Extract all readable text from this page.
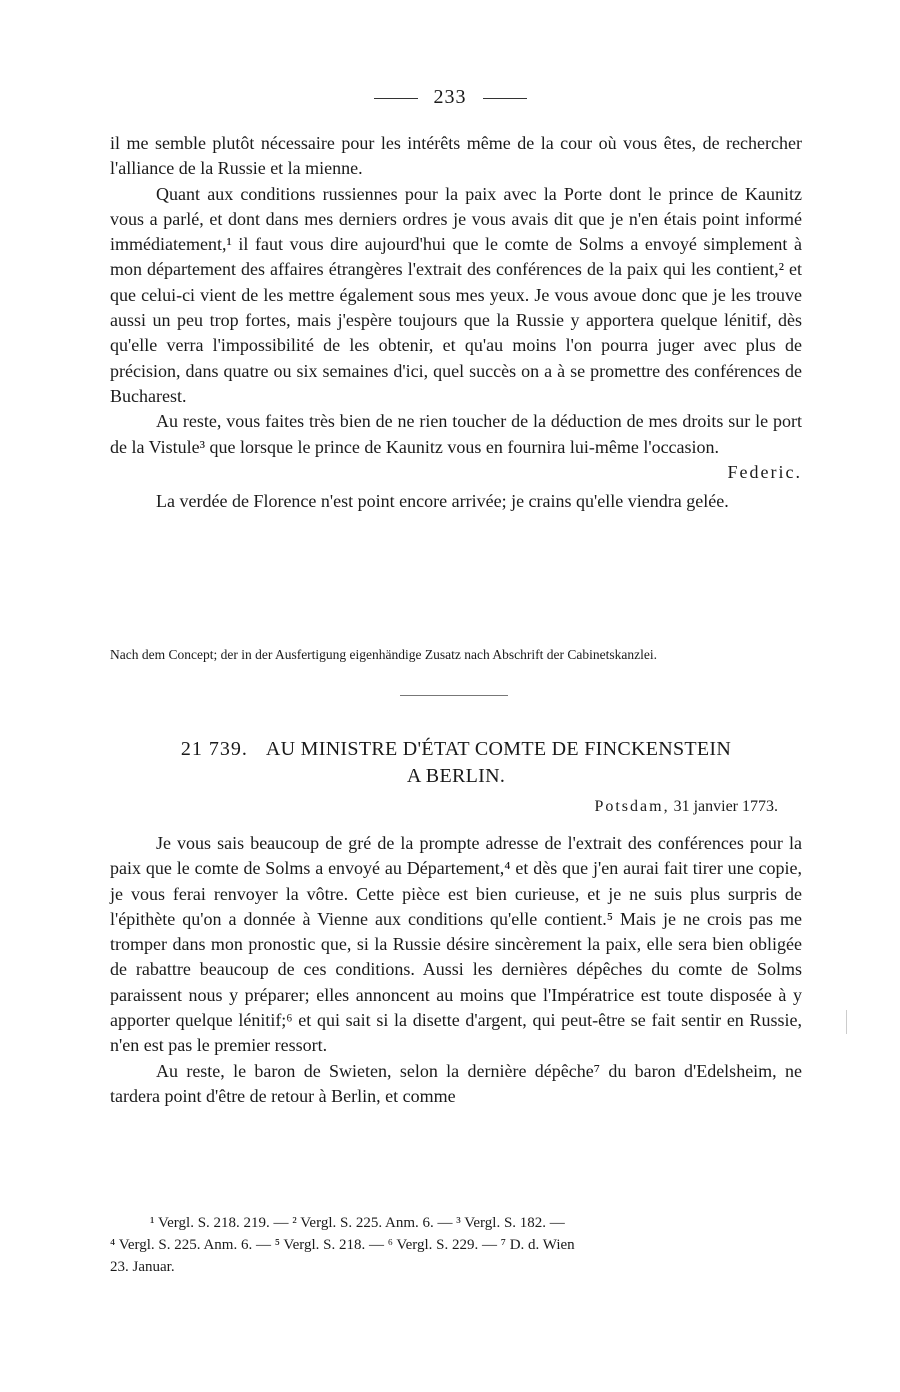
233

il me semble plutôt nécessaire pour les intérêts même de la cour où vous êtes, de rechercher l'alliance de la Russie et la mienne.

Quant aux conditions russiennes pour la paix avec la Porte dont le prince de Kaunitz vous a parlé, et dont dans mes derniers ordres je vous avais dit que je n'en étais point informé immédiatement,¹ il faut vous dire aujourd'hui que le comte de Solms a envoyé simplement à mon département des affaires étrangères l'extrait des conférences de la paix qui les contient,² et que celui-ci vient de les mettre également sous mes yeux. Je vous avoue donc que je les trouve aussi un peu trop fortes, mais j'espère toujours que la Russie y apportera quelque lénitif, dès qu'elle verra l'impossibilité de les obtenir, et qu'au moins l'on pourra juger avec plus de précision, dans quatre ou six semaines d'ici, quel succès on a à se promettre des conférences de Bucharest.

Au reste, vous faites très bien de ne rien toucher de la déduction de mes droits sur le port de la Vistule³ que lorsque le prince de Kaunitz vous en fournira lui-même l'occasion.

Federic.

La verdée de Florence n'est point encore arrivée; je crains qu'elle viendra gelée.

Nach dem Concept; der in der Ausfertigung eigenhändige Zusatz nach Abschrift der Cabinetskanzlei.
21 739. AU MINISTRE D'ÉTAT COMTE DE FINCKENSTEIN
A BERLIN.
Potsdam, 31 janvier 1773.

Je vous sais beaucoup de gré de la prompte adresse de l'extrait des conférences pour la paix que le comte de Solms a envoyé au Département,⁴ et dès que j'en aurai fait tirer une copie, je vous ferai renvoyer la vôtre. Cette pièce est bien curieuse, et je ne suis plus surpris de l'épithète qu'on a donnée à Vienne aux conditions qu'elle contient.⁵ Mais je ne crois pas me tromper dans mon pronostic que, si la Russie désire sincèrement la paix, elle sera bien obligée de rabattre beaucoup de ces conditions. Aussi les dernières dépêches du comte de Solms paraissent nous y préparer; elles annoncent au moins que l'Impératrice est toute disposée à y apporter quelque lénitif;⁶ et qui sait si la disette d'argent, qui peut-être se fait sentir en Russie, n'en est pas le premier ressort.

Au reste, le baron de Swieten, selon la dernière dépêche⁷ du baron d'Edelsheim, ne tardera point d'être de retour à Berlin, et comme

¹ Vergl. S. 218. 219. — ² Vergl. S. 225. Anm. 6. — ³ Vergl. S. 182. —
⁴ Vergl. S. 225. Anm. 6. — ⁵ Vergl. S. 218. — ⁶ Vergl. S. 229. — ⁷ D. d. Wien
23. Januar.
